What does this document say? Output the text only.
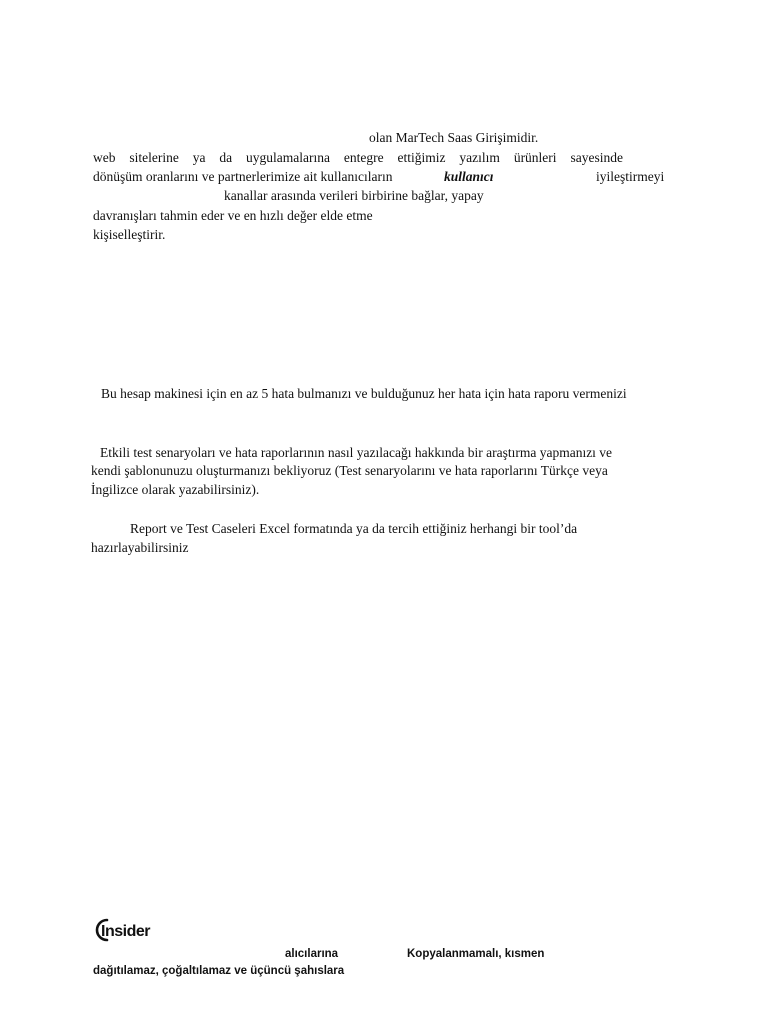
olan MarTech Saas Girişimidir.
web sitelerine ya da uygulamalarına entegre ettiğimiz yazılım ürünleri sayesinde
dönüşüm oranlarını ve partnerlerimize ait kullanıcıların	kullanıcı	iyileştirmeyi
kanallar arasında verileri birbirine bağlar, yapay
davranışları tahmin eder ve en hızlı değer elde etme
kişiselleştirir.
Bu hesap makinesi için en az 5 hata bulmanızı ve bulduğunuz her hata için hata raporu vermenizi
Etkili test senaryoları ve hata raporlarının nasıl yazılacağı hakkında bir araştırma yapmanızı ve
kendi şablonunuzu oluşturmanızı bekliyoruz (Test senaryolarını ve hata raporlarını Türkçe veya
İngilizce olarak yazabilirsiniz).
Report ve Test Caseleri Excel formatında ya da tercih ettiğiniz herhangi bir tool’da
hazırlayabilirsiniz
Insider
alıcılarına	Kopyalanmamalı, kısmen
dağıtılamaz, çoğaltılamaz ve üçüncü şahıslara
